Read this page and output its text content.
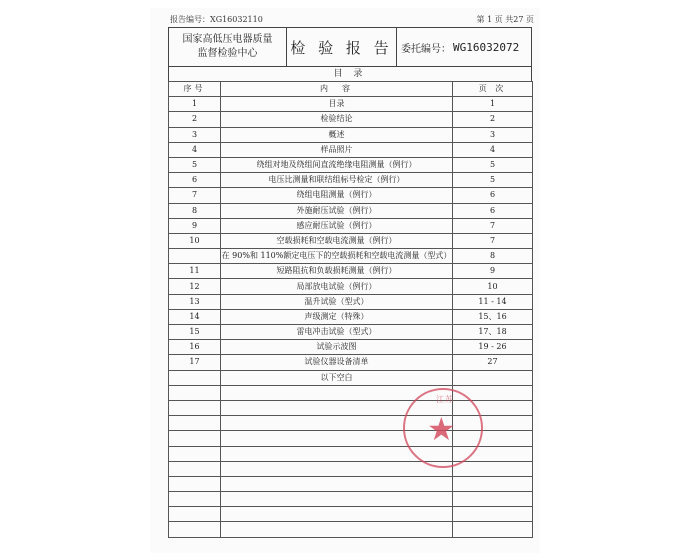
报告编号：XG16032110	第 1 页 共27 页
国家高低压电器质量
监督检验中心 检 验 报 告 委托编号： WG16032072
目 录
序号	内　容	页 次
1	目录	1
2	检验结论	2
3	概述	3
4	样品照片	4
5	绕组对地及绕组间直流绝缘电阻测量（例行）	5
6	电压比测量和联结组标号检定（例行）	5
7	绕组电阻测量（例行）	6
8	外施耐压试验（例行）	6
9	感应耐压试验（例行）	7
10	空载损耗和空载电流测量（例行）	7
	在 90%和 110%额定电压下的空载损耗和空载电流测量（型式）	8
11	短路阻抗和负载损耗测量（例行）	9
12	局部放电试验（例行）	10
13	温升试验（型式）	11 - 14
14	声级测定（特殊）	15、16
15	雷电冲击试验（型式）	17、18
16	试验示波图	19 - 26
17	试验仪器设备清单	27
	以下空白	

江苏
★
